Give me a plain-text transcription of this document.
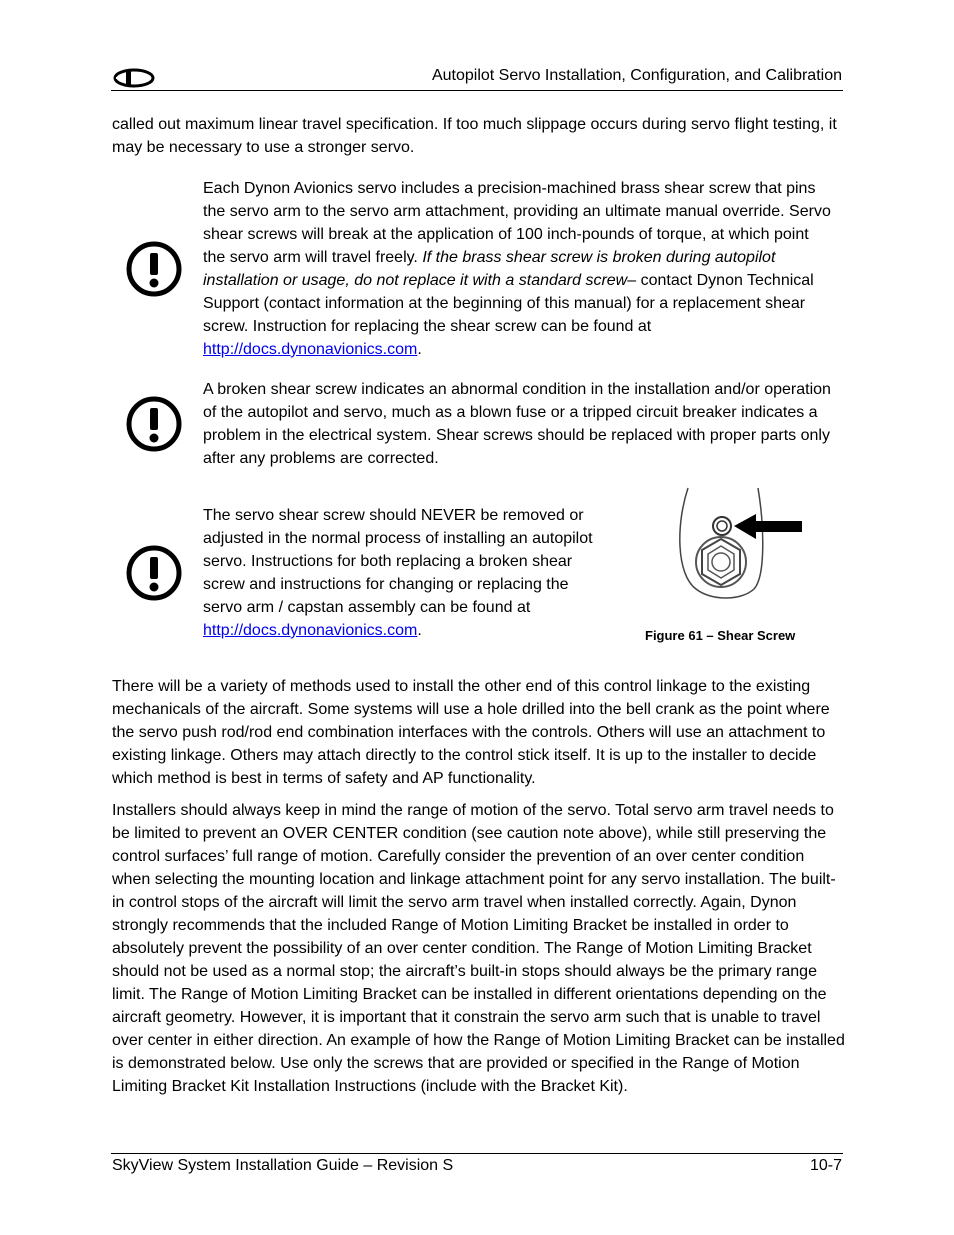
Autopilot Servo Installation, Configuration, and Calibration

called out maximum linear travel specification. If too much slippage occurs during servo flight testing, it may be necessary to use a stronger servo.

Each Dynon Avionics servo includes a precision-machined brass shear screw that pins the servo arm to the servo arm attachment, providing an ultimate manual override. Servo shear screws will break at the application of 100 inch-pounds of torque, at which point the servo arm will travel freely. If the brass shear screw is broken during autopilot installation or usage, do not replace it with a standard screw– contact Dynon Technical Support (contact information at the beginning of this manual) for a replacement shear screw. Instruction for replacing the shear screw can be found at http://docs.dynonavionics.com.

A broken shear screw indicates an abnormal condition in the installation and/or operation of the autopilot and servo, much as a blown fuse or a tripped circuit breaker indicates a problem in the electrical system. Shear screws should be replaced with proper parts only after any problems are corrected.

The servo shear screw should NEVER be removed or adjusted in the normal process of installing an autopilot servo. Instructions for both replacing a broken shear screw and instructions for changing or replacing the servo arm / capstan assembly can be found at http://docs.dynonavionics.com.	Figure 61 – Shear Screw

There will be a variety of methods used to install the other end of this control linkage to the existing mechanicals of the aircraft. Some systems will use a hole drilled into the bell crank as the point where the servo push rod/rod end combination interfaces with the controls. Others will use an attachment to existing linkage. Others may attach directly to the control stick itself. It is up to the installer to decide which method is best in terms of safety and AP functionality.

Installers should always keep in mind the range of motion of the servo. Total servo arm travel needs to be limited to prevent an OVER CENTER condition (see caution note above), while still preserving the control surfaces’ full range of motion. Carefully consider the prevention of an over center condition when selecting the mounting location and linkage attachment point for any servo installation. The built-in control stops of the aircraft will limit the servo arm travel when installed correctly. Again, Dynon strongly recommends that the included Range of Motion Limiting Bracket be installed in order to absolutely prevent the possibility of an over center condition. The Range of Motion Limiting Bracket should not be used as a normal stop; the aircraft’s built-in stops should always be the primary range limit. The Range of Motion Limiting Bracket can be installed in different orientations depending on the aircraft geometry. However, it is important that it constrain the servo arm such that is unable to travel over center in either direction. An example of how the Range of Motion Limiting Bracket can be installed is demonstrated below. Use only the screws that are provided or specified in the Range of Motion Limiting Bracket Kit Installation Instructions (include with the Bracket Kit).

SkyView System Installation Guide – Revision S	10-7
